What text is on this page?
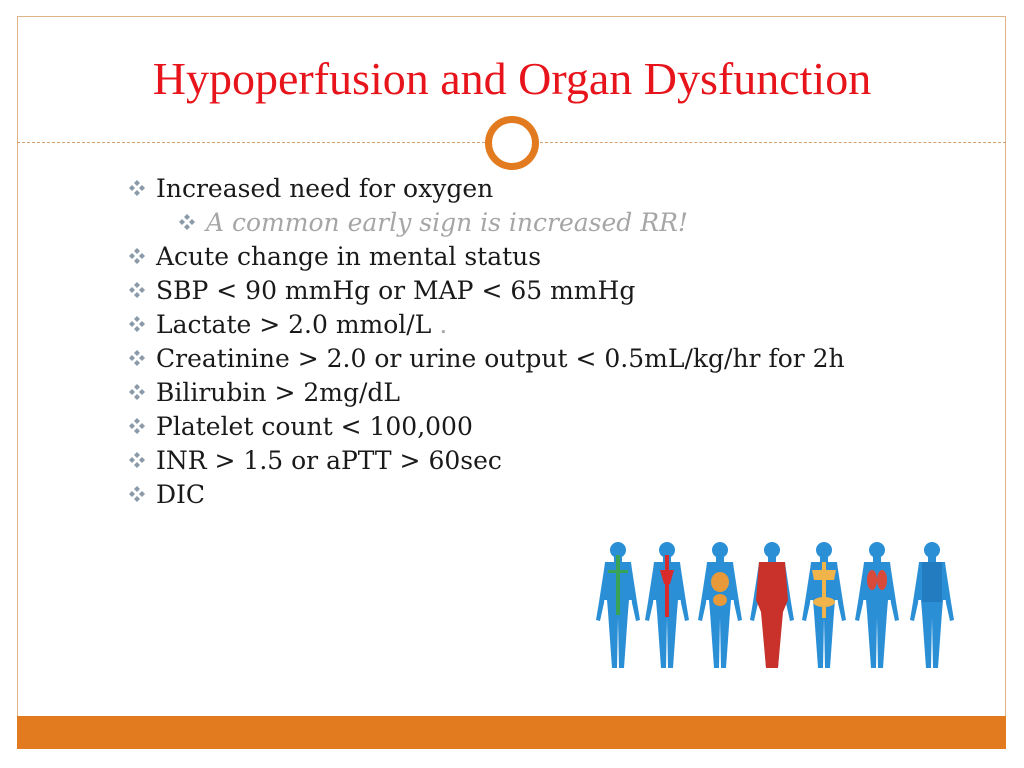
Hypoperfusion and Organ Dysfunction
Increased need for oxygen
A common early sign is increased RR!
Acute change in mental status
SBP < 90 mmHg or MAP < 65 mmHg
Lactate > 2.0 mmol/L .
Creatinine > 2.0 or urine output < 0.5mL/kg/hr for 2h
Bilirubin > 2mg/dL
Platelet count < 100,000
INR > 1.5 or aPTT > 60sec
DIC
